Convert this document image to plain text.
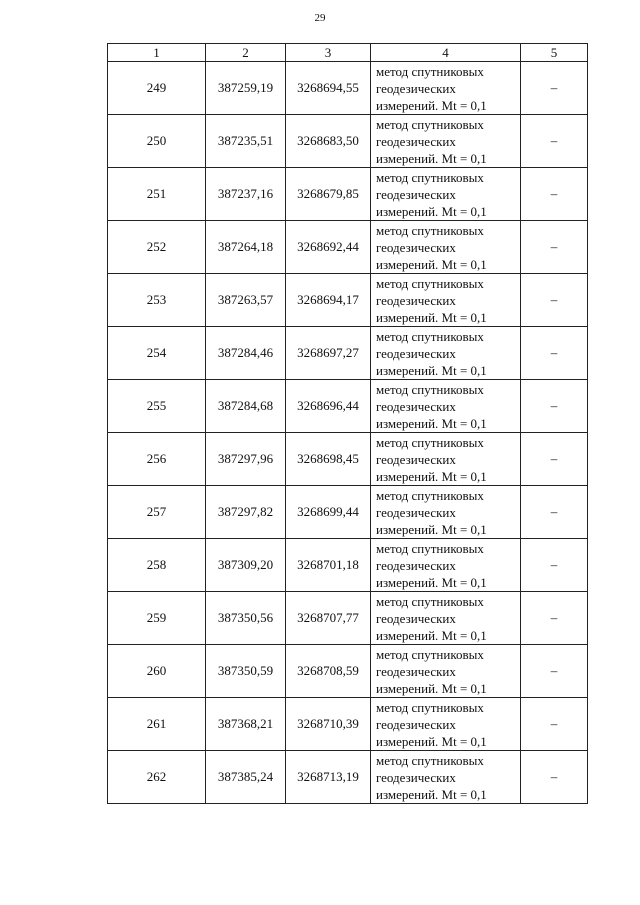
29
1	2	3	4	5
249	387259,19	3268694,55	метод спутниковых
геодезических
измерений. Mt = 0,1	–
250	387235,51	3268683,50	метод спутниковых
геодезических
измерений. Mt = 0,1	–
251	387237,16	3268679,85	метод спутниковых
геодезических
измерений. Mt = 0,1	–
252	387264,18	3268692,44	метод спутниковых
геодезических
измерений. Mt = 0,1	–
253	387263,57	3268694,17	метод спутниковых
геодезических
измерений. Mt = 0,1	–
254	387284,46	3268697,27	метод спутниковых
геодезических
измерений. Mt = 0,1	–
255	387284,68	3268696,44	метод спутниковых
геодезических
измерений. Mt = 0,1	–
256	387297,96	3268698,45	метод спутниковых
геодезических
измерений. Mt = 0,1	–
257	387297,82	3268699,44	метод спутниковых
геодезических
измерений. Mt = 0,1	–
258	387309,20	3268701,18	метод спутниковых
геодезических
измерений. Mt = 0,1	–
259	387350,56	3268707,77	метод спутниковых
геодезических
измерений. Mt = 0,1	–
260	387350,59	3268708,59	метод спутниковых
геодезических
измерений. Mt = 0,1	–
261	387368,21	3268710,39	метод спутниковых
геодезических
измерений. Mt = 0,1	–
262	387385,24	3268713,19	метод спутниковых
геодезических
измерений. Mt = 0,1	–
